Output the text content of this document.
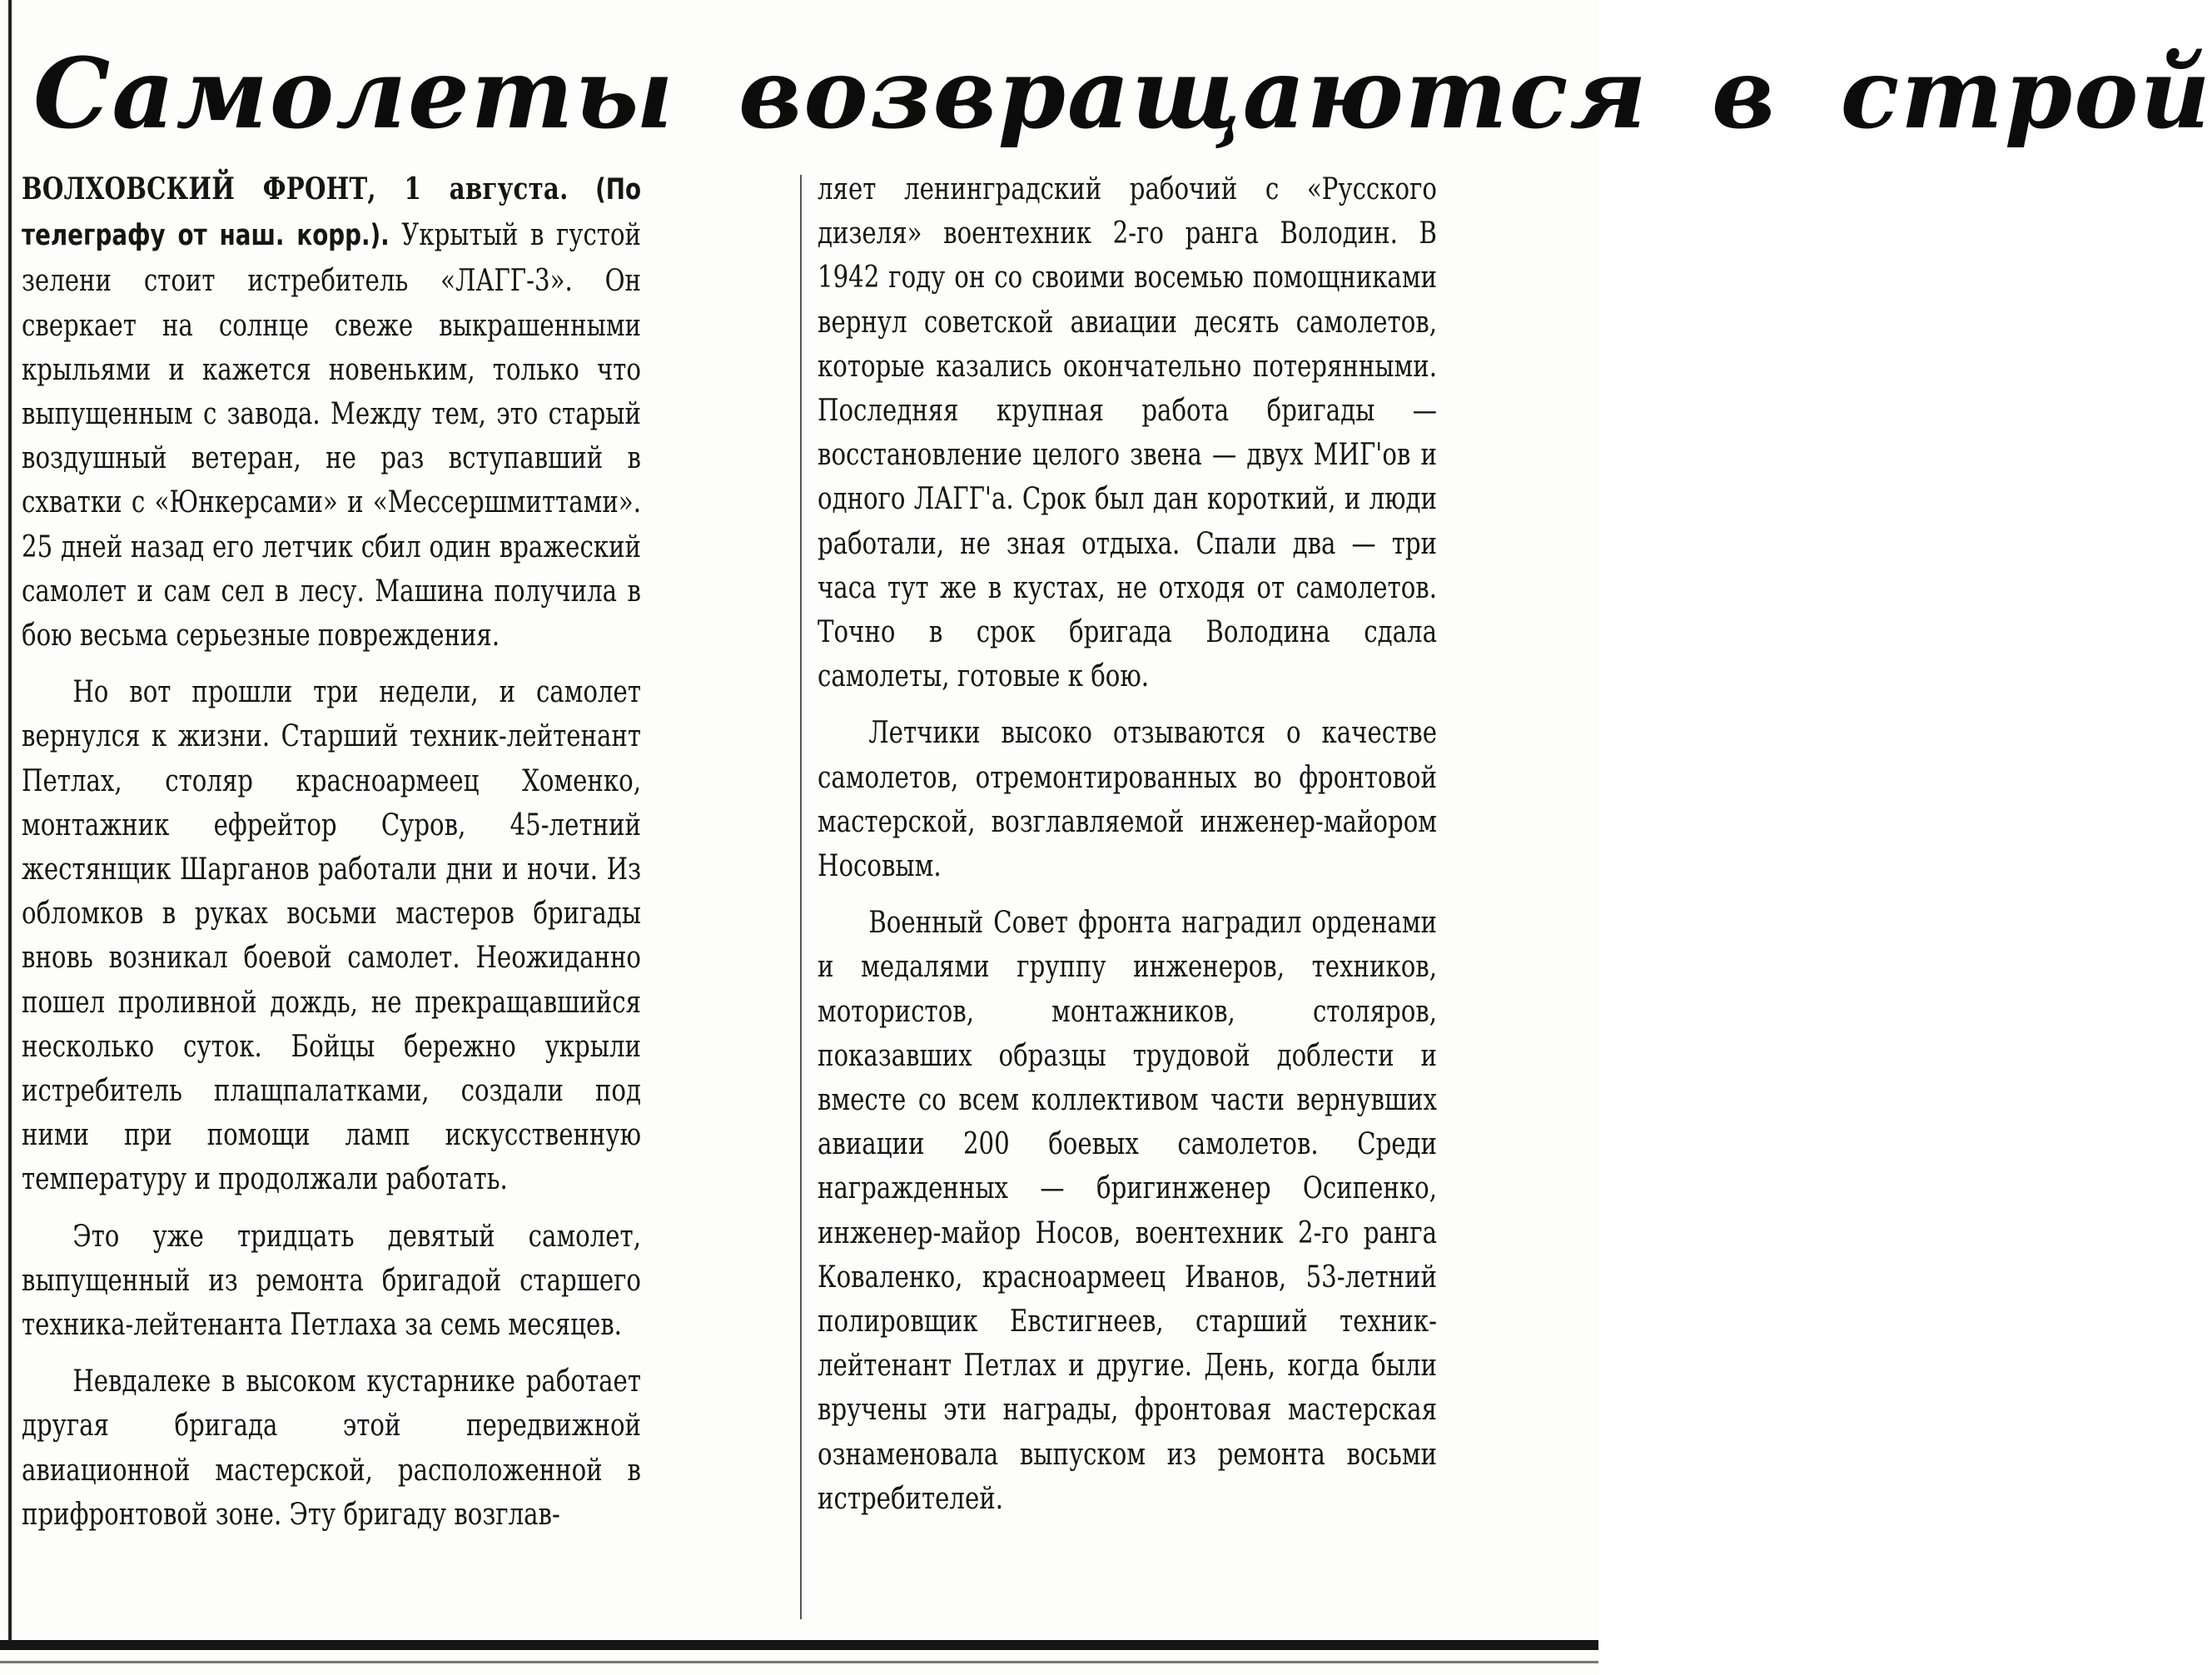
Самолеты возвращаются в строй

ВОЛХОВСКИЙ ФРОНТ, 1 августа. (По телеграфу от наш. корр.). Укрытый в густой зелени стоит истребитель «ЛАГГ-3». Он сверкает на солнце свеже выкрашенными крыльями и кажется новеньким, только что выпущенным с завода. Между тем, это старый воздушный ветеран, не раз вступавший в схватки с «Юнкерсами» и «Мессершмиттами». 25 дней назад его летчик сбил один вражеский самолет и сам сел в лесу. Машина получила в бою весьма серьезные повреждения.

Но вот прошли три недели, и самолет вернулся к жизни. Старший техник-лейтенант Петлах, столяр красноармеец Хоменко, монтажник ефрейтор Суров, 45-летний жестянщик Шарганов работали дни и ночи. Из обломков в руках восьми мастеров бригады вновь возникал боевой самолет. Неожиданно пошел проливной дождь, не прекращавшийся несколько суток. Бойцы бережно укрыли истребитель плащпалатками, создали под ними при помощи ламп искусственную температуру и продолжали работать.

Это уже тридцать девятый самолет, выпущенный из ремонта бригадой старшего техника-лейтенанта Петлаха за семь месяцев.

Невдалеке в высоком кустарнике работает другая бригада этой передвижной авиационной мастерской, расположенной в прифронтовой зоне. Эту бригаду возглав-

ляет ленинградский рабочий с «Русского дизеля» воентехник 2-го ранга Володин. В 1942 году он со своими восемью помощниками вернул советской авиации десять самолетов, которые казались окончательно потерянными. Последняя крупная работа бригады — восстановление целого звена — двух МИГ'ов и одного ЛАГГ'а. Срок был дан короткий, и люди работали, не зная отдыха. Спали два — три часа тут же в кустах, не отходя от самолетов. Точно в срок бригада Володина сдала самолеты, готовые к бою.

Летчики высоко отзываются о качестве самолетов, отремонтированных во фронтовой мастерской, возглавляемой инженер-майором Носовым.

Военный Совет фронта наградил орденами и медалями группу инженеров, техников, мотористов, монтажников, столяров, показавших образцы трудовой доблести и вместе со всем коллективом части вернувших авиации 200 боевых самолетов. Среди награжденных — бригинженер Осипенко, инженер-майор Носов, воентехник 2-го ранга Коваленко, красноармеец Иванов, 53-летний полировщик Евстигнеев, старший техник-лейтенант Петлах и другие. День, когда были вручены эти награды, фронтовая мастерская ознаменовала выпуском из ремонта восьми истребителей.
